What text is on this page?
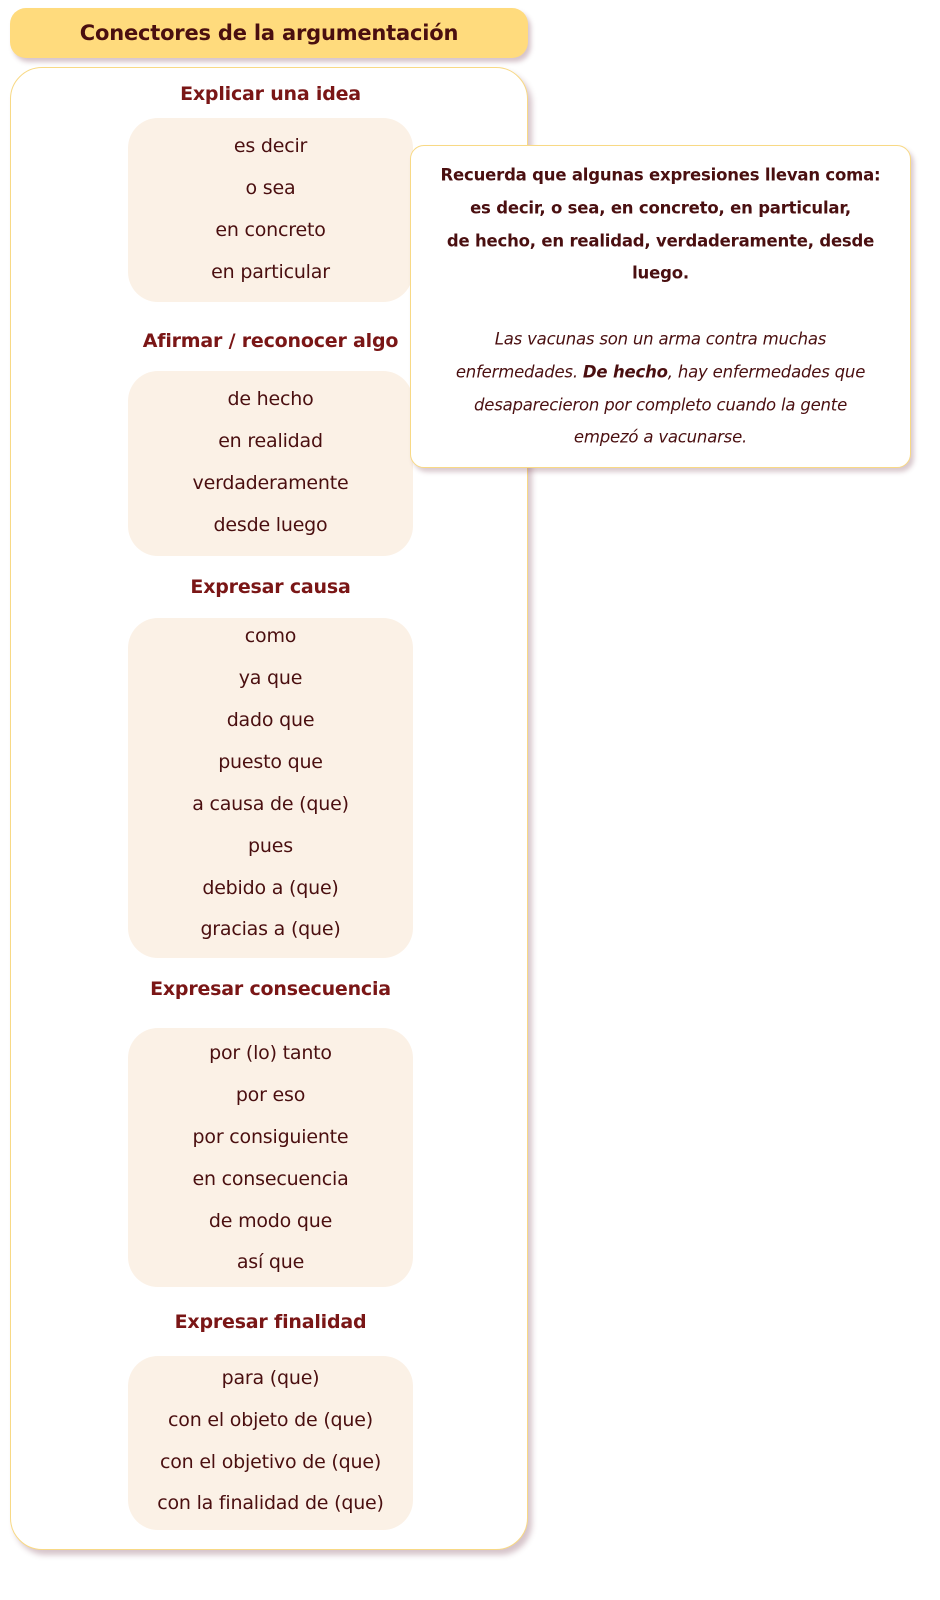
Conectores de la argumentación
Explicar una idea
es decir
o sea
en concreto
en particular
Afirmar / reconocer algo
de hecho
en realidad
verdaderamente
desde luego
Expresar causa
como
ya que
dado que
puesto que
a causa de (que)
pues
debido a (que)
gracias a (que)
Expresar consecuencia
por (lo) tanto
por eso
por consiguiente
en consecuencia
de modo que
así que
Expresar finalidad
para (que)
con el objeto de (que)
con el objetivo de (que)
con la finalidad de (que)
Recuerda que algunas expresiones llevan coma:
es decir, o sea, en concreto, en particular,
de hecho, en realidad, verdaderamente, desde
luego.
Las vacunas son un arma contra muchas
enfermedades. De hecho, hay enfermedades que
desaparecieron por completo cuando la gente
empezó a vacunarse.
